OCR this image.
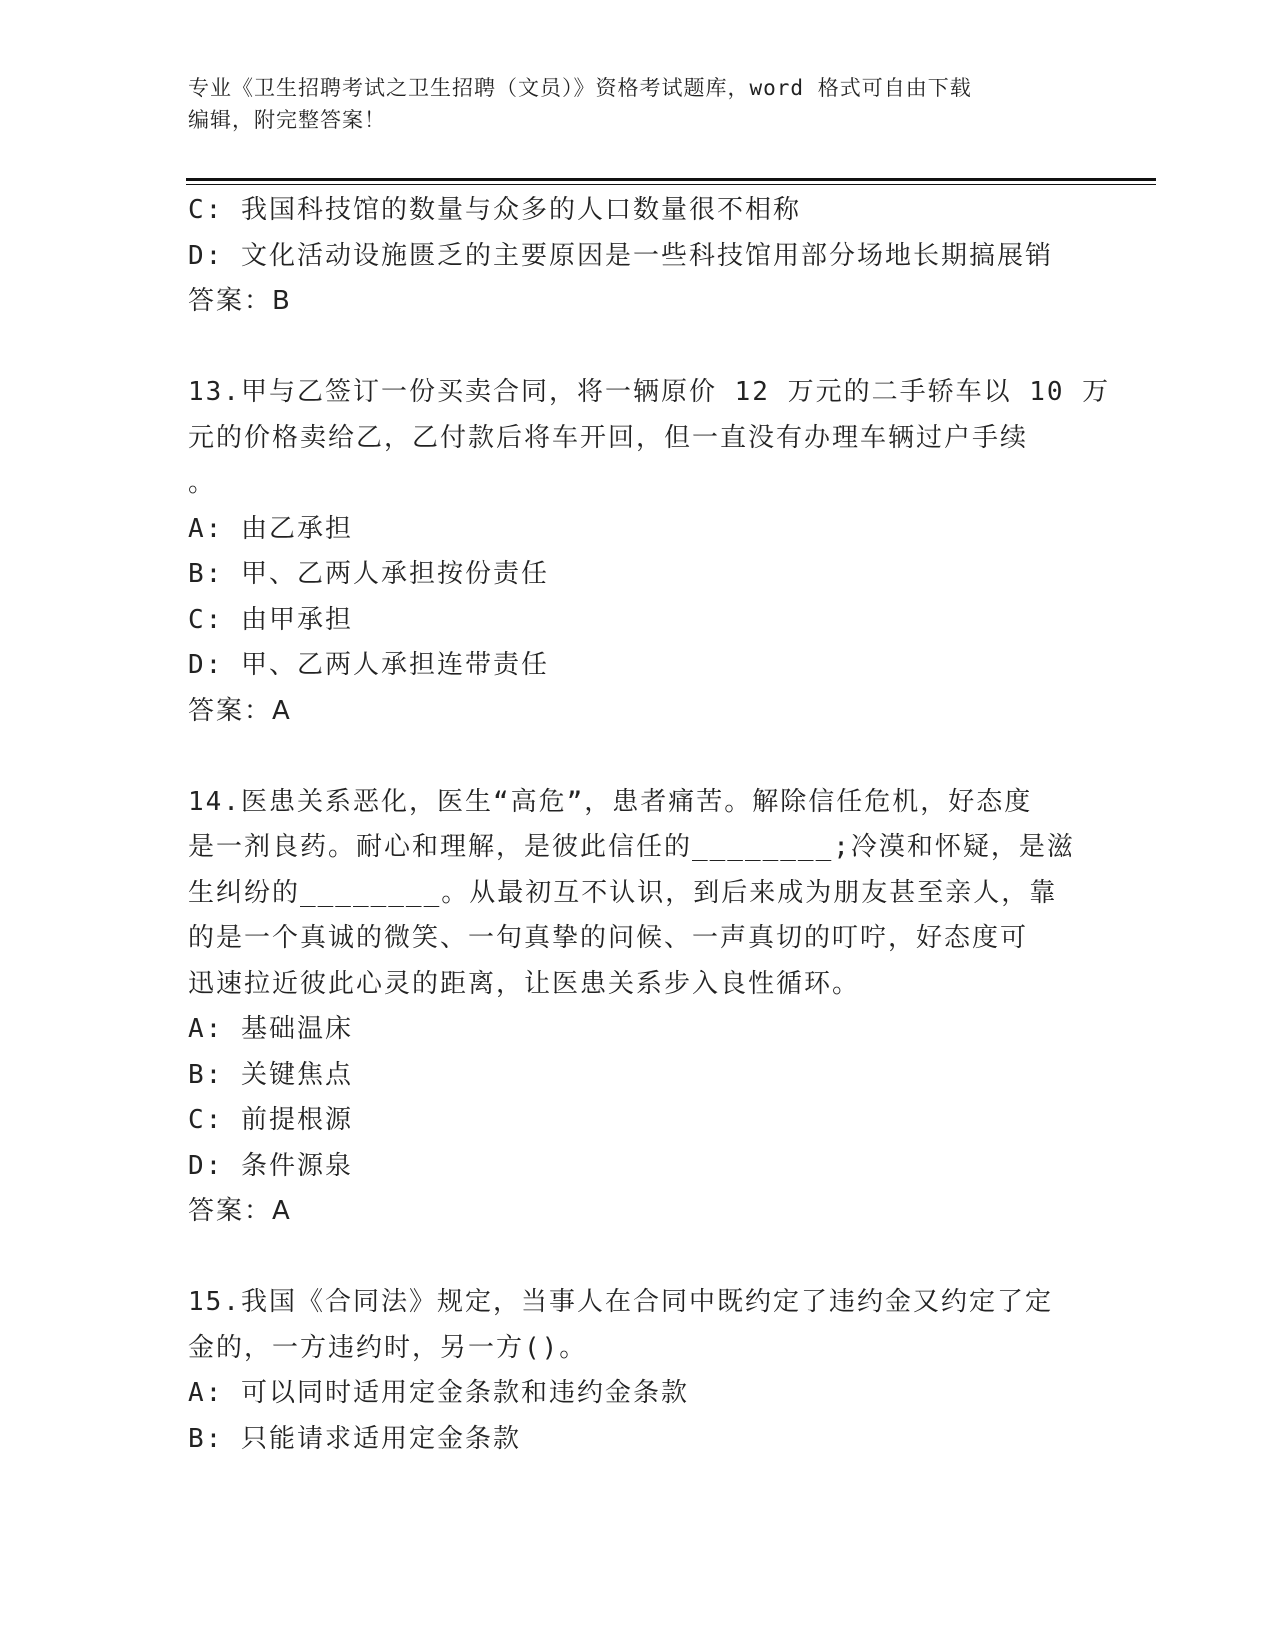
专业《卫生招聘考试之卫生招聘（文员）》资格考试题库，word 格式可自由下载
编辑，附完整答案！
C: 我国科技馆的数量与众多的人口数量很不相称
D: 文化活动设施匮乏的主要原因是一些科技馆用部分场地长期搞展销
答案：B
13.甲与乙签订一份买卖合同，将一辆原价 12 万元的二手轿车以 10 万
元的价格卖给乙，乙付款后将车开回，但一直没有办理车辆过户手续
。
A: 由乙承担
B: 甲、乙两人承担按份责任
C: 由甲承担
D: 甲、乙两人承担连带责任
答案：A
14.医患关系恶化，医生“高危”，患者痛苦。解除信任危机，好态度
是一剂良药。耐心和理解，是彼此信任的________;冷漠和怀疑，是滋
生纠纷的________。从最初互不认识，到后来成为朋友甚至亲人，靠
的是一个真诚的微笑、一句真挚的问候、一声真切的叮咛，好态度可
迅速拉近彼此心灵的距离，让医患关系步入良性循环。
A: 基础温床
B: 关键焦点
C: 前提根源
D: 条件源泉
答案：A
15.我国《合同法》规定，当事人在合同中既约定了违约金又约定了定
金的，一方违约时，另一方()。
A: 可以同时适用定金条款和违约金条款
B: 只能请求适用定金条款
